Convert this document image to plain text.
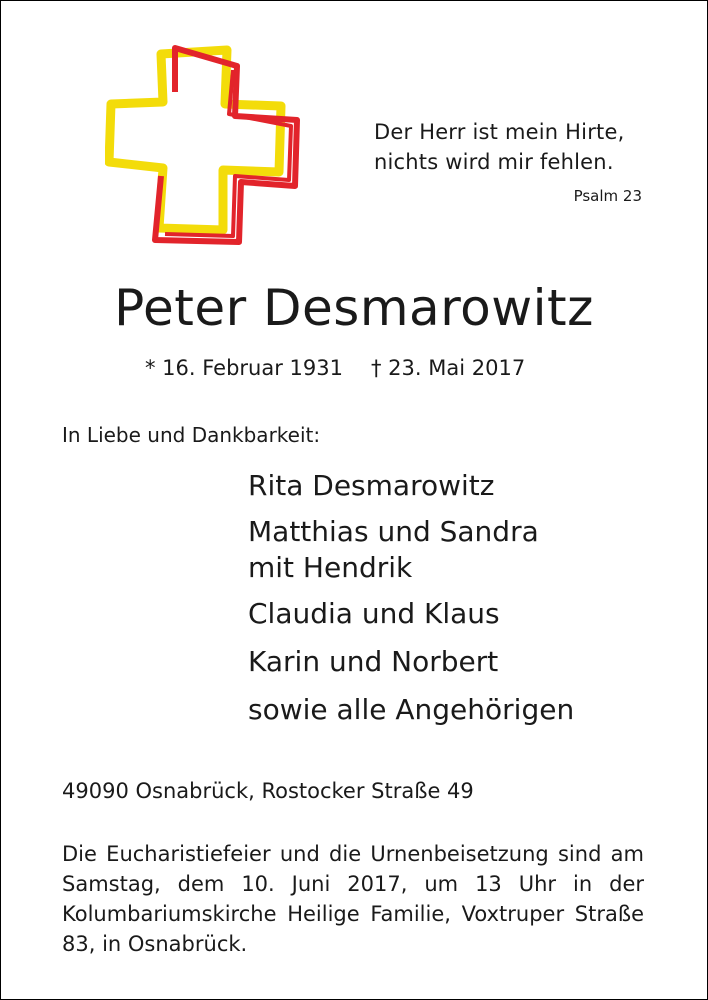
Der Herr ist mein Hirte,
nichts wird mir fehlen.
Psalm 23
Peter Desmarowitz
* 16. Februar 1931 † 23. Mai 2017
In Liebe und Dankbarkeit:
Rita Desmarowitz
Matthias und Sandra
mit Hendrik
Claudia und Klaus
Karin und Norbert
sowie alle Angehörigen
49090 Osnabrück, Rostocker Straße 49
Die Eucharistiefeier und die Urnenbeisetzung sind am Samstag, dem 10. Juni 2017, um 13 Uhr in der Kolumbariumskirche Heilige Familie, Voxtruper Straße 83, in Osnabrück.
